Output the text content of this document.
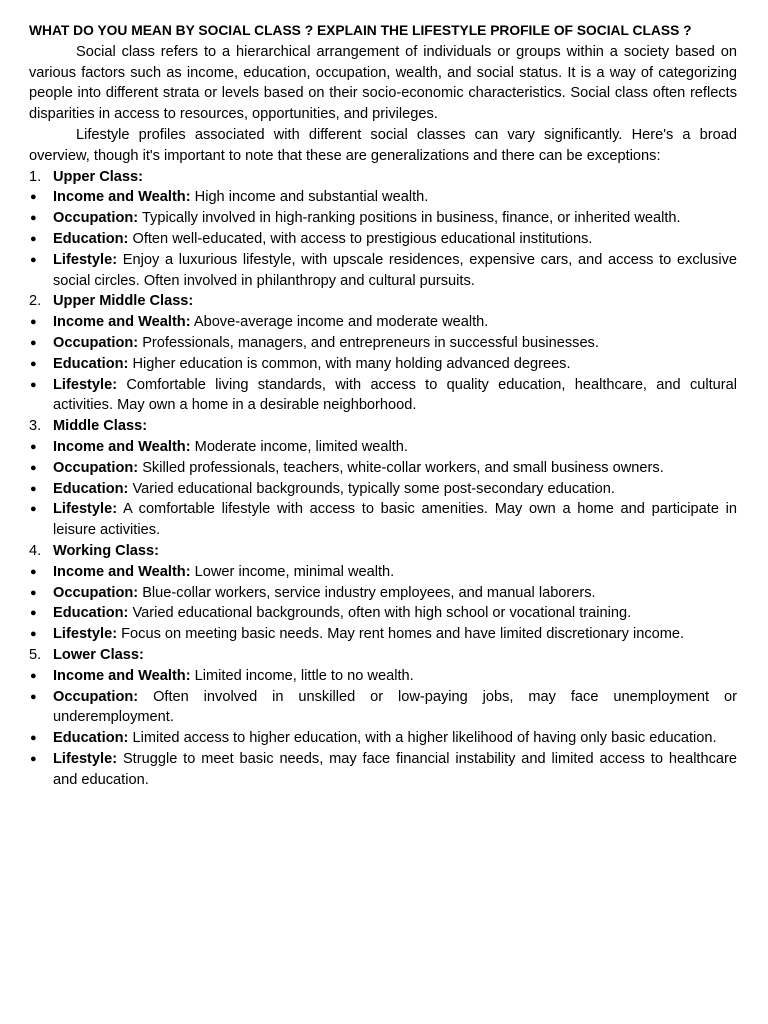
WHAT DO YOU MEAN BY SOCIAL CLASS ? EXPLAIN THE LIFESTYLE PROFILE OF SOCIAL CLASS ?

Social class refers to a hierarchical arrangement of individuals or groups within a society based on various factors such as income, education, occupation, wealth, and social status. It is a way of categorizing people into different strata or levels based on their socio-economic characteristics. Social class often reflects disparities in access to resources, opportunities, and privileges.

Lifestyle profiles associated with different social classes can vary significantly. Here's a broad overview, though it's important to note that these are generalizations and there can be exceptions:

1. Upper Class:
●	Income and Wealth: High income and substantial wealth.
●	Occupation: Typically involved in high-ranking positions in business, finance, or inherited wealth.
●	Education: Often well-educated, with access to prestigious educational institutions.
●	Lifestyle: Enjoy a luxurious lifestyle, with upscale residences, expensive cars, and access to exclusive social circles. Often involved in philanthropy and cultural pursuits.
2. Upper Middle Class:
●	Income and Wealth: Above-average income and moderate wealth.
●	Occupation: Professionals, managers, and entrepreneurs in successful businesses.
●	Education: Higher education is common, with many holding advanced degrees.
●	Lifestyle: Comfortable living standards, with access to quality education, healthcare, and cultural activities. May own a home in a desirable neighborhood.
3. Middle Class:
●	Income and Wealth: Moderate income, limited wealth.
●	Occupation: Skilled professionals, teachers, white-collar workers, and small business owners.
●	Education: Varied educational backgrounds, typically some post-secondary education.
●	Lifestyle: A comfortable lifestyle with access to basic amenities. May own a home and participate in leisure activities.
4. Working Class:
●	Income and Wealth: Lower income, minimal wealth.
●	Occupation: Blue-collar workers, service industry employees, and manual laborers.
●	Education: Varied educational backgrounds, often with high school or vocational training.
●	Lifestyle: Focus on meeting basic needs. May rent homes and have limited discretionary income.
5. Lower Class:
●	Income and Wealth: Limited income, little to no wealth.
●	Occupation: Often involved in unskilled or low-paying jobs, may face unemployment or underemployment.
●	Education: Limited access to higher education, with a higher likelihood of having only basic education.
●	Lifestyle: Struggle to meet basic needs, may face financial instability and limited access to healthcare and education.
